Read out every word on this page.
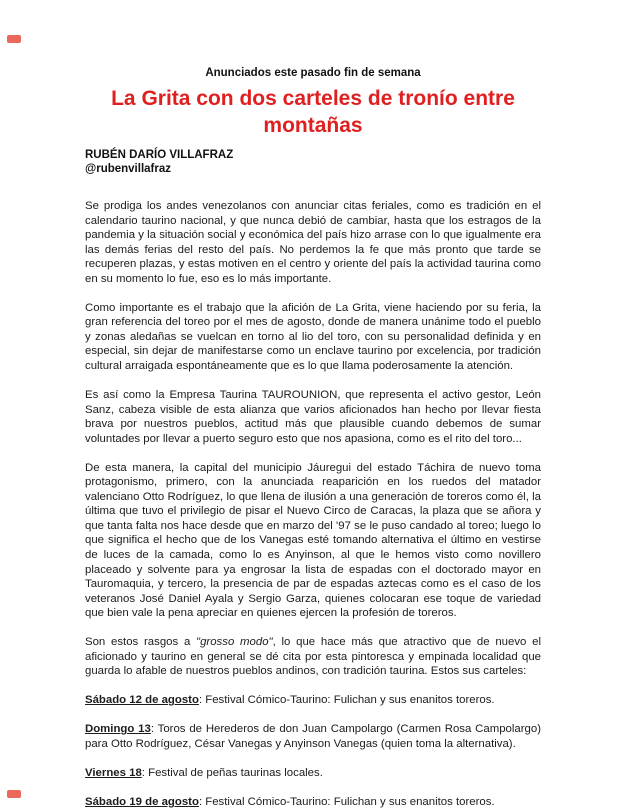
Anunciados este pasado fin de semana
La Grita con dos carteles de tronío entre montañas
RUBÉN DARÍO VILLAFRAZ
@rubenvillafraz

Se prodiga los andes venezolanos con anunciar citas feriales, como es tradición en el calendario taurino nacional, y que nunca debió de cambiar, hasta que los estragos de la pandemia y la situación social y económica del país hizo arrase con lo que igualmente era las demás ferias del resto del país. No perdemos la fe que más pronto que tarde se recuperen plazas, y estas motiven en el centro y oriente del país la actividad taurina como en su momento lo fue, eso es lo más importante.

Como importante es el trabajo que la afición de La Grita, viene haciendo por su feria, la gran referencia del toreo por el mes de agosto, donde de manera unánime todo el pueblo y zonas aledañas se vuelcan en torno al lio del toro, con su personalidad definida y en especial, sin dejar de manifestarse como un enclave taurino por excelencia, por tradición cultural arraigada espontáneamente que es lo que llama poderosamente la atención.

Es así como la Empresa Taurina TAUROUNION, que representa el activo gestor, León Sanz, cabeza visible de esta alianza que varios aficionados han hecho por llevar fiesta brava por nuestros pueblos, actitud más que plausible cuando debemos de sumar voluntades por llevar a puerto seguro esto que nos apasiona, como es el rito del toro...

De esta manera, la capital del municipio Jáuregui del estado Táchira de nuevo toma protagonismo, primero, con la anunciada reaparición en los ruedos del matador valenciano Otto Rodríguez, lo que llena de ilusión a una generación de toreros como él, la última que tuvo el privilegio de pisar el Nuevo Circo de Caracas, la plaza que se añora y que tanta falta nos hace desde que en marzo del '97 se le puso candado al toreo; luego lo que significa el hecho que de los Vanegas esté tomando alternativa el último en vestirse de luces de la camada, como lo es Anyinson, al que le hemos visto como novillero placeado y solvente para ya engrosar la lista de espadas con el doctorado mayor en Tauromaquia, y tercero, la presencia de par de espadas aztecas como es el caso de los veteranos José Daniel Ayala y Sergio Garza, quienes colocaran ese toque de variedad que bien vale la pena apreciar en quienes ejercen la profesión de toreros.

Son estos rasgos a "grosso modo", lo que hace más que atractivo que de nuevo el aficionado y taurino en general se dé cita por esta pintoresca y empinada localidad que guarda lo afable de nuestros pueblos andinos, con tradición taurina. Estos sus carteles:

Sábado 12 de agosto: Festival Cómico-Taurino: Fulichan y sus enanitos toreros.

Domingo 13: Toros de Herederos de don Juan Campolargo (Carmen Rosa Campolargo) para Otto Rodríguez, César Vanegas y Anyinson Vanegas (quien toma la alternativa).

Viernes 18: Festival de peñas taurinas locales.

Sábado 19 de agosto: Festival Cómico-Taurino: Fulichan y sus enanitos toreros.
